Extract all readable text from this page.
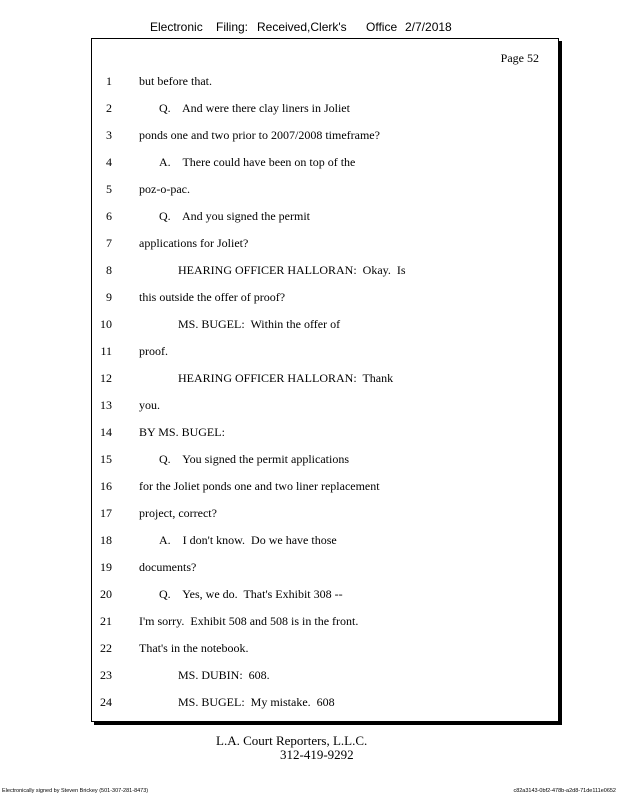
Electronic Filing: Received,Clerk's Office 2/7/2018
Page 52
1 but before that.
2	Q.    And were there clay liners in Joliet
3 ponds one and two prior to 2007/2008 timeframe?
4	A.    There could have been on top of the
5 poz-o-pac.
6	Q.    And you signed the permit
7 applications for Joliet?
8	HEARING OFFICER HALLORAN:  Okay.  Is
9 this outside the offer of proof?
10	MS. BUGEL:  Within the offer of
11 proof.
12	HEARING OFFICER HALLORAN:  Thank
13 you.
14 BY MS. BUGEL:
15	Q.    You signed the permit applications
16 for the Joliet ponds one and two liner replacement
17 project, correct?
18	A.    I don't know.  Do we have those
19 documents?
20	Q.    Yes, we do.  That's Exhibit 308 --
21 I'm sorry.  Exhibit 508 and 508 is in the front.
22 That's in the notebook.
23	MS. DUBIN:  608.
24	MS. BUGEL:  My mistake.  608
L.A. Court Reporters, L.L.C.
312-419-9292
Electronically signed by Steven Brickey (501-307-281-8473)	c82a3143-0bf2-478b-a2d8-71de111e0652
